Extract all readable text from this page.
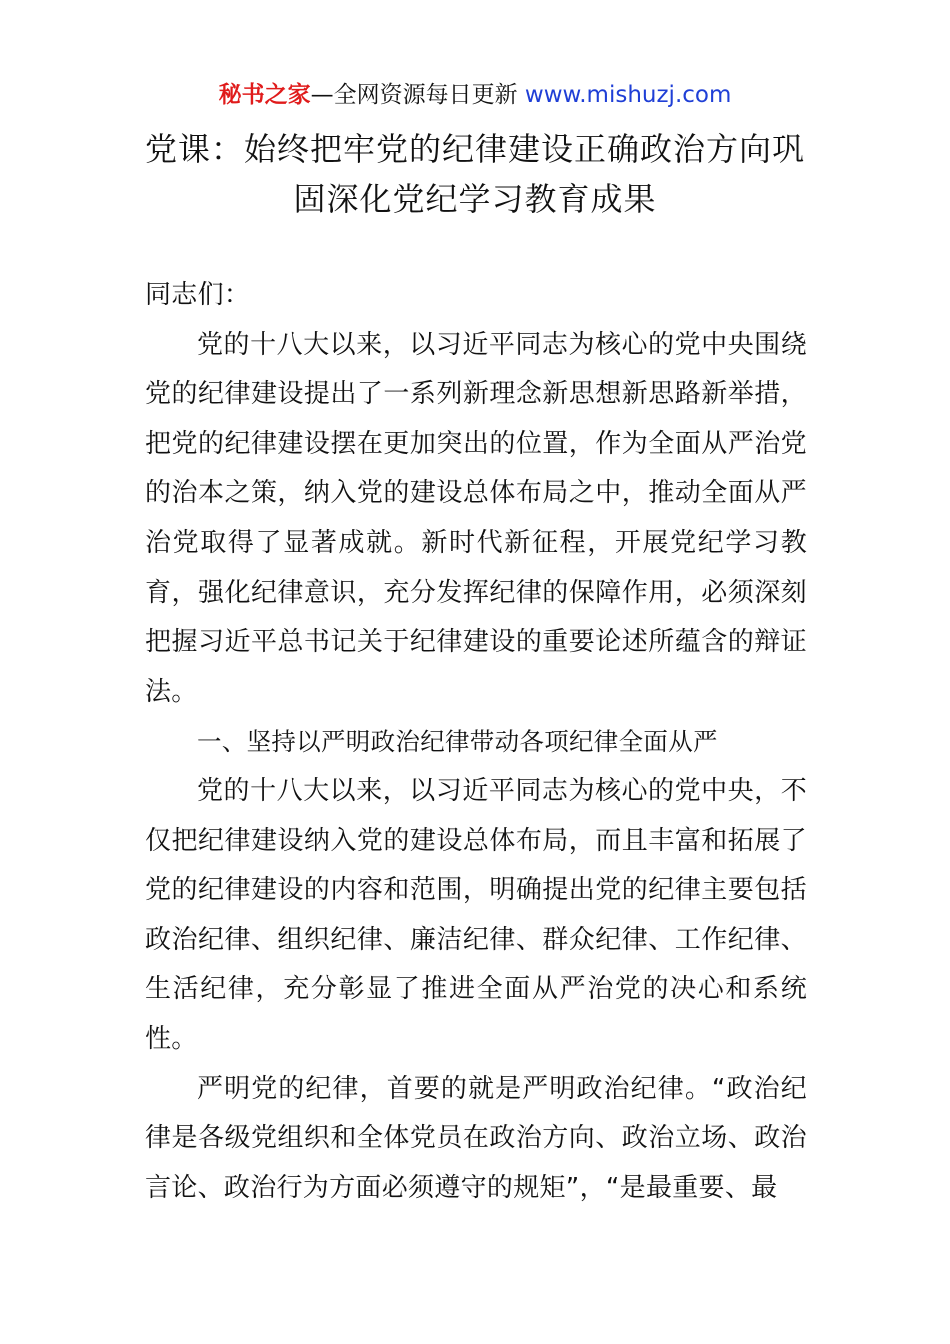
秘书之家—全网资源每日更新 www.mishuzj.com
党课：始终把牢党的纪律建设正确政治方向巩固深化党纪学习教育成果

同志们：

党的十八大以来，以习近平同志为核心的党中央围绕党的纪律建设提出了一系列新理念新思想新思路新举措，把党的纪律建设摆在更加突出的位置，作为全面从严治党的治本之策，纳入党的建设总体布局之中，推动全面从严治党取得了显著成就。新时代新征程，开展党纪学习教育，强化纪律意识，充分发挥纪律的保障作用，必须深刻把握习近平总书记关于纪律建设的重要论述所蕴含的辩证法。

一、坚持以严明政治纪律带动各项纪律全面从严

党的十八大以来，以习近平同志为核心的党中央，不仅把纪律建设纳入党的建设总体布局，而且丰富和拓展了党的纪律建设的内容和范围，明确提出党的纪律主要包括政治纪律、组织纪律、廉洁纪律、群众纪律、工作纪律、生活纪律，充分彰显了推进全面从严治党的决心和系统性。

严明党的纪律，首要的就是严明政治纪律。“政治纪律是各级党组织和全体党员在政治方向、政治立场、政治言论、政治行为方面必须遵守的规矩”，“是最重要、最
